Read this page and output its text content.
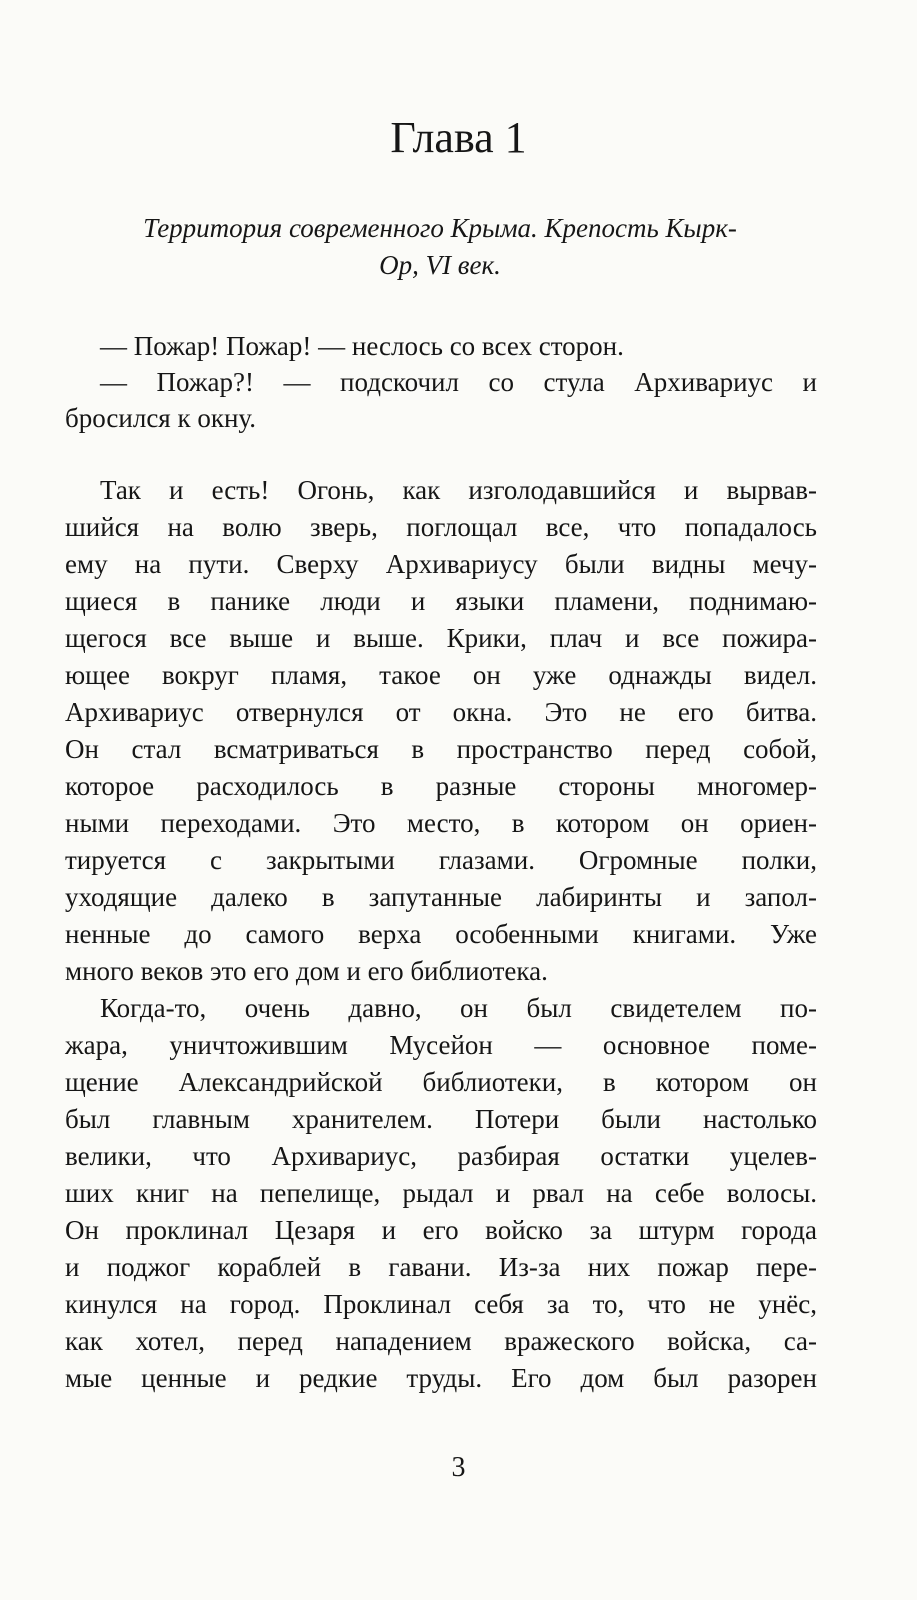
Глава 1
Территория современного Крыма. Крепость Кырк-
Ор, VI век.
— Пожар! Пожар! — неслось со всех сторон.
— Пожар?! — подскочил со стула Архивариус и
бросился к окну.
Так и есть! Огонь, как изголодавшийся и вырвав-
шийся на волю зверь, поглощал все, что попадалось
ему на пути. Сверху Архивариусу были видны мечу-
щиеся в панике люди и языки пламени, поднимаю-
щегося все выше и выше. Крики, плач и все пожира-
ющее вокруг пламя, такое он уже однажды видел.
Архивариус отвернулся от окна. Это не его битва.
Он стал всматриваться в пространство перед собой,
которое расходилось в разные стороны многомер-
ными переходами. Это место, в котором он ориен-
тируется с закрытыми глазами. Огромные полки,
уходящие далеко в запутанные лабиринты и запол-
ненные до самого верха особенными книгами. Уже
много веков это его дом и его библиотека.
Когда-то, очень давно, он был свидетелем по-
жара, уничтожившим Мусейон — основное поме-
щение Александрийской библиотеки, в котором он
был главным хранителем. Потери были настолько
велики, что Архивариус, разбирая остатки уцелев-
ших книг на пепелище, рыдал и рвал на себе волосы.
Он проклинал Цезаря и его войско за штурм города
и поджог кораблей в гавани. Из-за них пожар пере-
кинулся на город. Проклинал себя за то, что не унёс,
как хотел, перед нападением вражеского войска, са-
мые ценные и редкие труды. Его дом был разорен
3
